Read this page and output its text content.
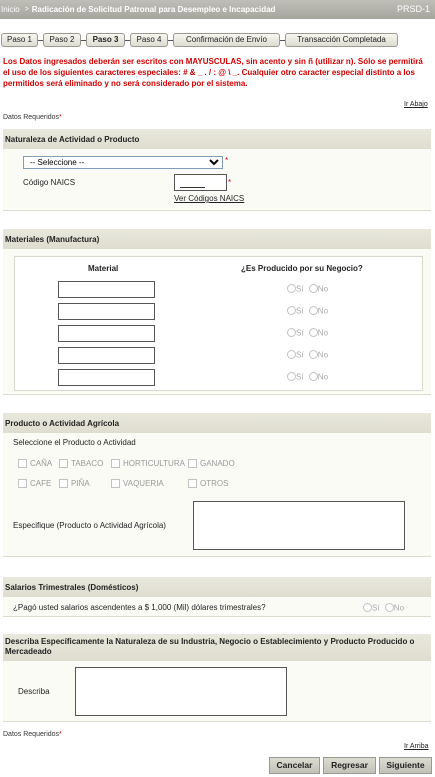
Inicio > Radicación de Solicitud Patronal para Desempleo e Incapacidad	PRSD-1
Paso 1	Paso 2	Paso 3	Paso 4	Confirmación de Envío	Transacción Completada
Los Datos ingresados deberán ser escritos con MAYUSCULAS, sin acento y sin ñ (utilizar n). Sólo se permitirá el uso de los siguientes caracteres especiales: # & _ . / : @ \ _. Cualquier otro caracter especial distinto a los permitidos será eliminado y no será considerado por el sistema.
Ir Abajo
Datos Requeridos*
Naturaleza de Actividad o Producto
-- Seleccione --
*
Código NAICS	*
Ver Códigos NAICS
Materiales (Manufactura)
Material	¿Es Producido por su Negocio?
Sí No
Sí No
Sí No
Sí No
Sí No
Producto o Actividad Agrícola
Seleccione el Producto o Actividad
CAÑA	TABACO	HORTICULTURA	GANADO
CAFE	PIÑA	VAQUERIA	OTROS
Especifique (Producto o Actividad Agrícola)
Salarios Trimestrales (Domésticos)
¿Pagó usted salarios ascendentes a $ 1,000 (Mil) dólares trimestrales?	Sí No
Describa Específicamente la Naturaleza de su Industria, Negocio o Establecimiento y Producto Producido o Mercadeado
Describa
Datos Requeridos*
Ir Arriba
Cancelar	Regresar	Siguiente
